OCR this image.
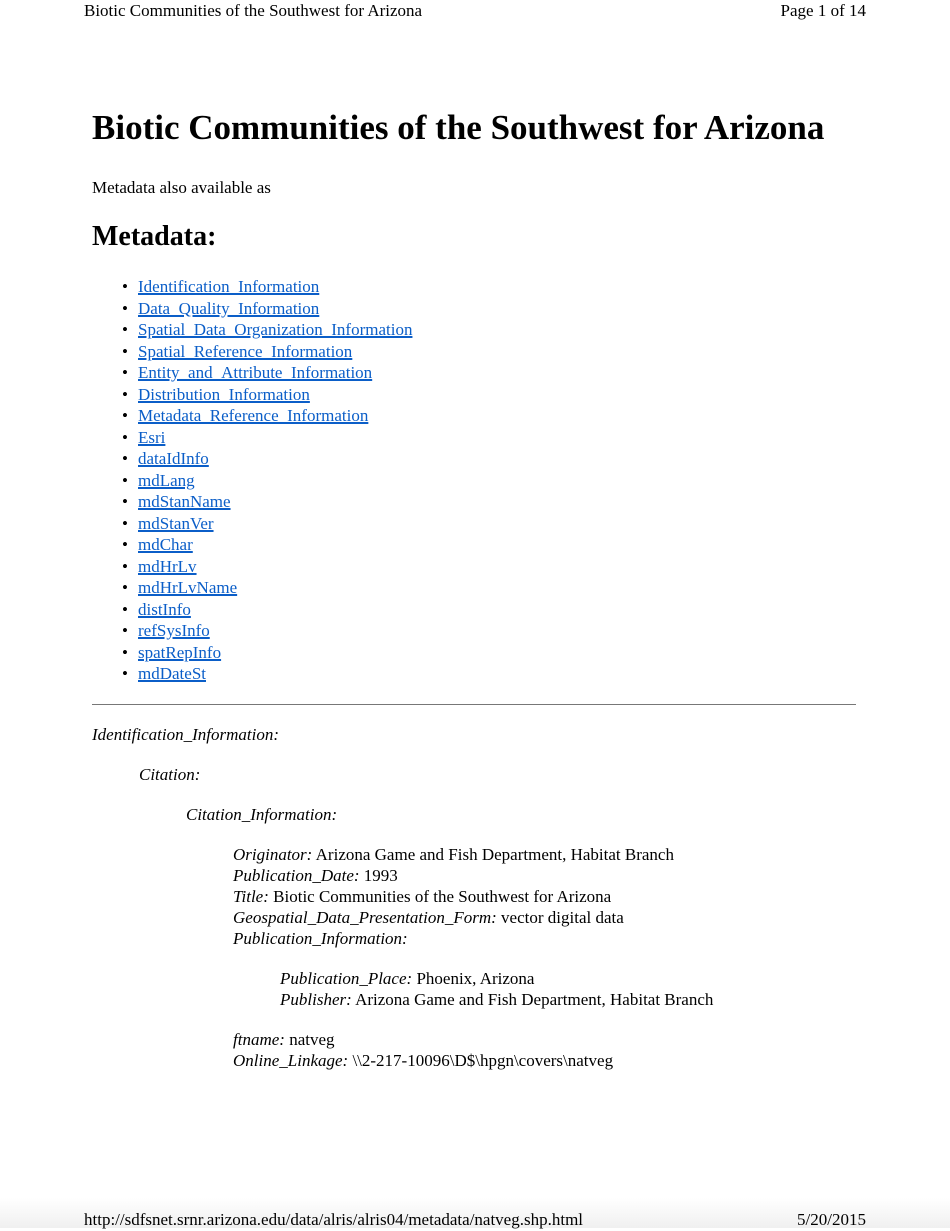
Biotic Communities of the Southwest for Arizona	Page 1 of 14
Biotic Communities of the Southwest for Arizona
Metadata also available as
Metadata:
• Identification_Information
• Data_Quality_Information
• Spatial_Data_Organization_Information
• Spatial_Reference_Information
• Entity_and_Attribute_Information
• Distribution_Information
• Metadata_Reference_Information
• Esri
• dataIdInfo
• mdLang
• mdStanName
• mdStanVer
• mdChar
• mdHrLv
• mdHrLvName
• distInfo
• refSysInfo
• spatRepInfo
• mdDateSt
Identification_Information:
Citation:
Citation_Information:
Originator: Arizona Game and Fish Department, Habitat Branch
Publication_Date: 1993
Title: Biotic Communities of the Southwest for Arizona
Geospatial_Data_Presentation_Form: vector digital data
Publication_Information:
Publication_Place: Phoenix, Arizona
Publisher: Arizona Game and Fish Department, Habitat Branch
ftname: natveg
Online_Linkage: \\2-217-10096\D$\hpgn\covers\natveg
http://sdfsnet.srnr.arizona.edu/data/alris/alris04/metadata/natveg.shp.html	5/20/2015
